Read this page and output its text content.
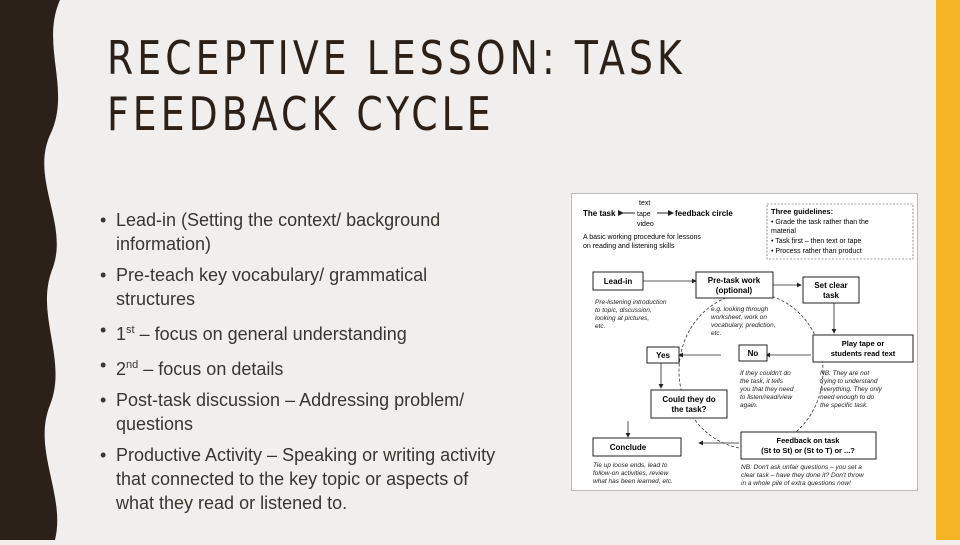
RECEPTIVE LESSON: TASK FEEDBACK CYCLE
• Lead-in (Setting the context/ background information)
• Pre-teach key vocabulary/ grammatical structures
• 1st – focus on general understanding
• 2nd – focus on details
• Post-task discussion – Addressing problem/ questions
• Productive Activity – Speaking or writing activity that connected to the key topic or aspects of what they read or listened to.
The task
text
tape
video
feedback circle
A basic working procedure for lessons
on reading and listening skills
Three guidelines:
• Grade the task rather than the
material
• Task first – then text or tape
• Process rather than product
Lead-in	Pre-task work
(optional)
Set clear
task
Play tape or
students read text
No
Yes
Could they do
the task?
Conclude
Feedback on task
(St to St) or (St to T) or ...?
Pre-listening introduction
to topic, discussion,
looking at pictures,
etc.
e.g. looking through
worksheet, work on
vocabulary, prediction,
etc.
If they couldn't do
the task, it tells
you that they need
to listen/read/view
again.
NB: They are not
trying to understand
everything. They only
need enough to do
the specific task.
Tie up loose ends, lead to
follow-on activities, review
what has been learned, etc.
NB: Don't ask unfair questions – you set a
clear task – have they done it? Don't throw
in a whole pile of extra questions now!
